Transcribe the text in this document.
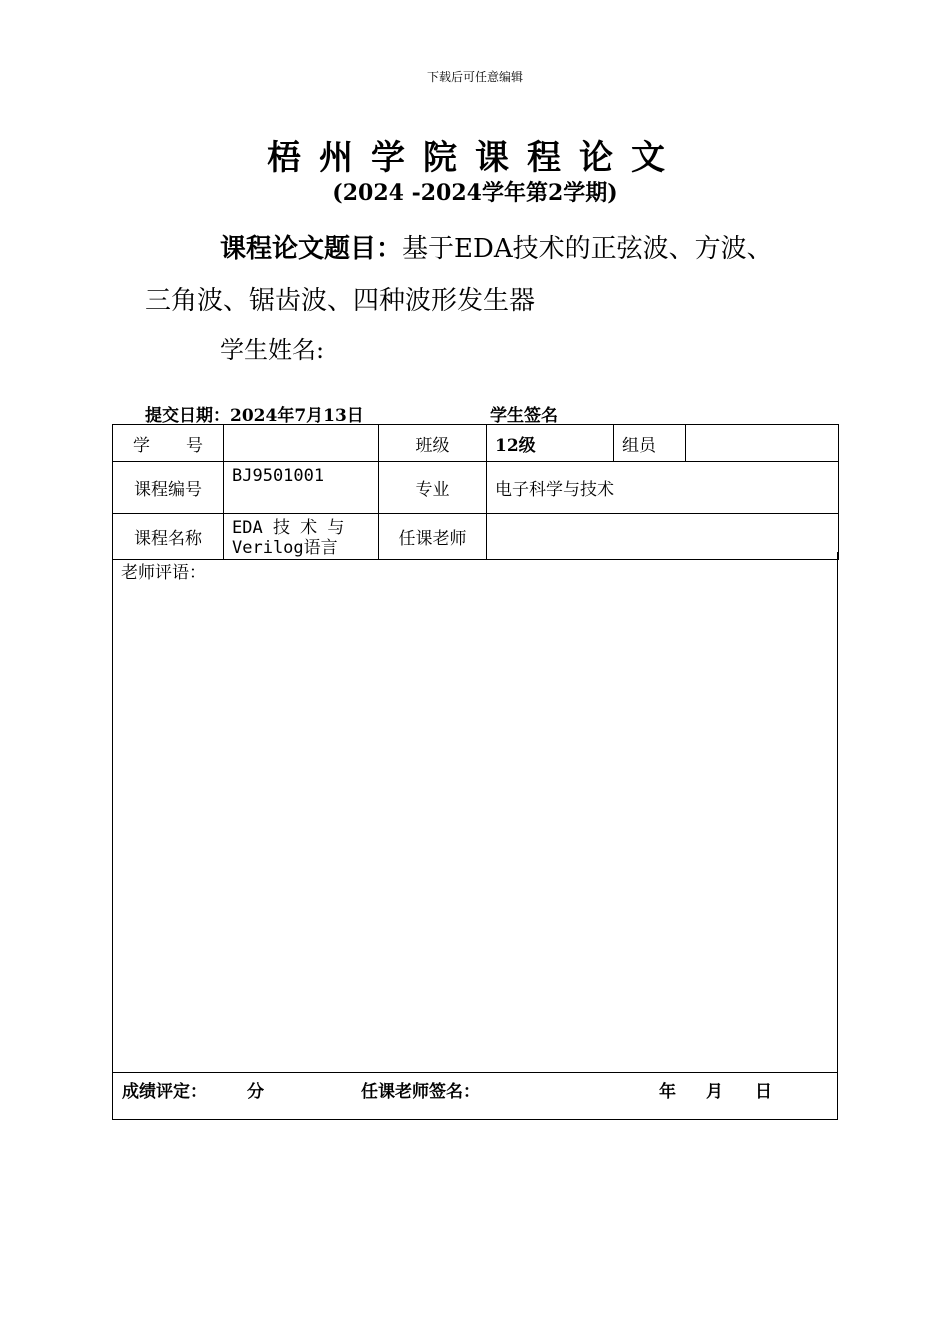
下载后可任意编辑
梧州学院课程论文
(2024 -2024学年第2学期)
课程论文题目：基于EDA技术的正弦波、方波、
三角波、锯齿波、四种波形发生器
学生姓名:
提交日期：2024年7月13日	学生签名
学 号		班级	12级	组员	
课程编号	BJ9501001	专业	电子科学与技术		
课程名称	EDA 技 术 与 Verilog语言	任课老师			
老师评语：
成绩评定： 分	任课老师签名：	年 月 日
